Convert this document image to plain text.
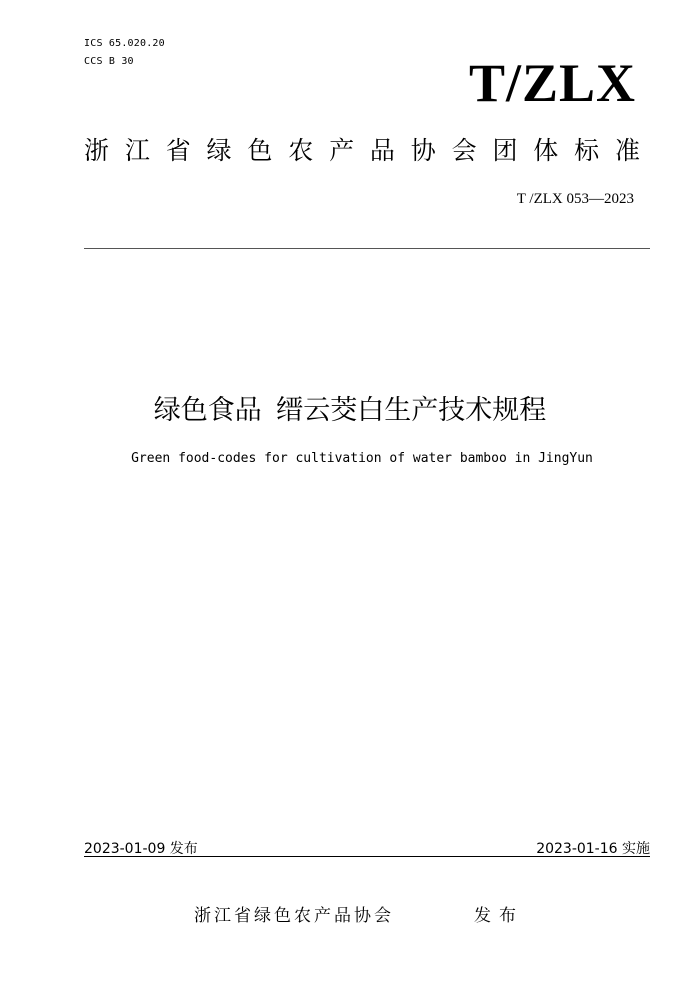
ICS 65.020.20
CCS B 30	T/ZLX
浙 江 省 绿 色 农 产 品 协 会 团 体 标 准
T /ZLX 053—2023
绿色食品 缙云茭白生产技术规程
Green food-codes for cultivation of water bamboo in JingYun
2023-01-09 发布	2023-01-16 实施
浙江省绿色农产品协会	发布
